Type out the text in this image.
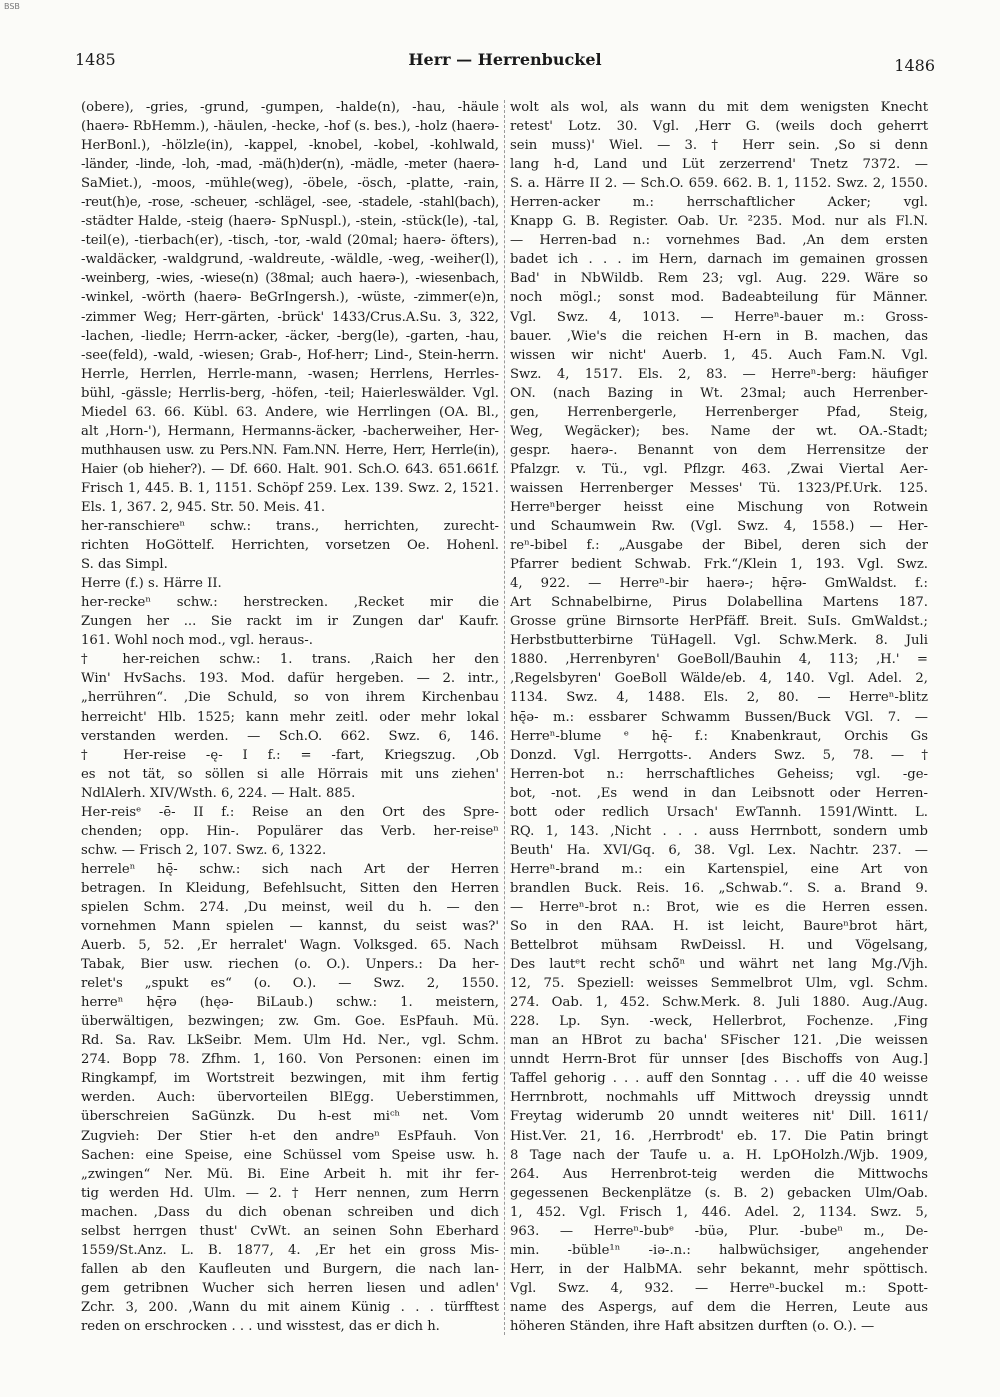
BSB
1485	Herr — Herrenbuckel	1486

(obere), -gries, -grund, -gumpen, -halde(n), -hau, -häule

(haerə- RbHemm.), -häulen, -hecke, -hof (s. bes.), -holz (haerə-

HerBonl.), -hölzle(in), -kappel, -knobel, -kobel, -kohlwald,

-länder, -linde, -loh, -mad, -mä(h)der(n), -mädle, -meter (haerə-

SaMiet.), -moos, -mühle(weg), -öbele, -ösch, -platte, -rain,

-reut(h)e, -rose, -scheuer, -schlägel, -see, -stadele, -stahl(bach),

-städter Halde, -steig (haerə- SpNuspl.), -stein, -stück(le), -tal,

-teil(e), -tierbach(er), -tisch, -tor, -wald (20mal; haerə- öfters),

-waldäcker, -waldgrund, -waldreute, -wäldle, -weg, -weiher(l),

-weinberg, -wies, -wiese(n) (38mal; auch haerə-), -wiesenbach,

-winkel, -wörth (haerə- BeGrIngersh.), -wüste, -zimmer(e)n,

-zimmer Weg; Herr-gärten, -brück' 1433/Crus.A.Su. 3, 322,

-lachen, -liedle; Herrn-acker, -äcker, -berg(le), -garten, -hau,

-see(feld), -wald, -wiesen; Grab-, Hof-herr; Lind-, Stein-herrn.

Herrle, Herrlen, Herrle-mann, -wasen; Herrlens, Herrles-

bühl, -gässle; Herrlis-berg, -höfen, -teil; Haierleswälder. Vgl.

Miedel 63. 66. Kübl. 63. Andere, wie Herrlingen (OA. Bl.,

alt ‚Horn-'), Hermann, Hermanns-äcker, -bacherweiher, Her-

muthhausen usw. zu Pers.NN. Fam.NN. Herre, Herr, Herrle(in),

Haier (ob hieher?). — Df. 660. Halt. 901. Sch.O. 643. 651.661f.

Frisch 1, 445. B. 1, 1151. Schöpf 259. Lex. 139. Swz. 2, 1521.

Els. 1, 367. 2, 945. Str. 50. Meis. 41.

her-ranschiereⁿ schw.: trans., herrichten, zurecht-

richten HoGöttelf. Herrichten, vorsetzen Oe. Hohenl.

S. das Simpl.

Herre (f.) s. Härre II.

her-reckeⁿ schw.: herstrecken. ‚Recket mir die

Zungen her ... Sie rackt im ir Zungen dar' Kaufr.

161. Wohl noch mod., vgl. heraus-.

† her-reichen schw.: 1. trans. ‚Raich her den

Win' HvSachs. 193. Mod. dafür hergeben. — 2. intr.,

„herrühren“. ‚Die Schuld, so von ihrem Kirchenbau

herreicht' Hlb. 1525; kann mehr zeitl. oder mehr lokal

verstanden werden. — Sch.O. 662. Swz. 6, 146.

† Her-reise -ę- I f.: = -fart, Kriegszug. ‚Ob

es not tät, so söllen si alle Hörrais mit uns ziehen'

NdlAlerh. XIV/Wsth. 6, 224. — Halt. 885.

Her-reisᵉ -ē- II f.: Reise an den Ort des Spre-

chenden; opp. Hin-. Populärer das Verb. her-reiseⁿ

schw. — Frisch 2, 107. Swz. 6, 1322.

herreleⁿ hę̄- schw.: sich nach Art der Herren

betragen. In Kleidung, Befehlsucht, Sitten den Herren

spielen Schm. 274. ‚Du meinst, weil du h. — den

vornehmen Mann spielen — kannst, du seist was?'

Auerb. 5, 52. ‚Er herralet' Wagn. Volksged. 65. Nach

Tabak, Bier usw. riechen (o. O.). Unpers.: Da her-

relet's „spukt es“ (o. O.). — Swz. 2, 1550.

herreⁿ hę̄rə (hęə- BiLaub.) schw.: 1. meistern,

überwältigen, bezwingen; zw. Gm. Goe. EsPfauh. Mü.

Rd. Sa. Rav. LkSeibr. Mem. Ulm Hd. Ner., vgl. Schm.

274. Bopp 78. Zfhm. 1, 160. Von Personen: einen im

Ringkampf, im Wortstreit bezwingen, mit ihm fertig

werden. Auch: übervorteilen BlEgg. Ueberstimmen,

überschreien SaGünzk. Du h-est miᶜʰ net. Vom

Zugvieh: Der Stier h-et den andreⁿ EsPfauh. Von

Sachen: eine Speise, eine Schüssel vom Speise usw. h.

„zwingen“ Ner. Mü. Bi. Eine Arbeit h. mit ihr fer-

tig werden Hd. Ulm. — 2. † Herr nennen, zum Herrn

machen. ‚Dass du dich obenan schreiben und dich

selbst herrgen thust' CvWt. an seinen Sohn Eberhard

1559/St.Anz. L. B. 1877, 4. ‚Er het ein gross Mis-

fallen ab den Kaufleuten und Burgern, die nach lan-

gem getribnen Wucher sich herren liesen und adlen'

Zchr. 3, 200. ‚Wann du mit ainem Künig . . . türfftest

reden on erschrocken . . . und wisstest, das er dich h.

wolt als wol, als wann du mit dem wenigsten Knecht

retest' Lotz. 30. Vgl. ‚Herr G. (weils doch geherrt

sein muss)' Wiel. — 3. † Herr sein. ‚So si denn

lang h-d, Land und Lüt zerzerrend' Tnetz 7372. —

S. a. Härre II 2. — Sch.O. 659. 662. B. 1, 1152. Swz. 2, 1550.

Herren-acker m.: herrschaftlicher Acker; vgl.

Knapp G. B. Register. Oab. Ur. ²235. Mod. nur als Fl.N.

— Herren-bad n.: vornehmes Bad. ‚An dem ersten

badet ich . . . im Hern, darnach im gemainen grossen

Bad' in NbWildb. Rem 23; vgl. Aug. 229. Wäre so

noch mögl.; sonst mod. Badeabteilung für Männer.

Vgl. Swz. 4, 1013. — Herreⁿ-bauer m.: Gross-

bauer. ‚Wie's die reichen H-ern in B. machen, das

wissen wir nicht' Auerb. 1, 45. Auch Fam.N. Vgl.

Swz. 4, 1517. Els. 2, 83. — Herreⁿ-berg: häufiger

ON. (nach Bazing in Wt. 23mal; auch Herrenber-

gen, Herrenbergerle, Herrenberger Pfad, Steig,

Weg, Wegäcker); bes. Name der wt. OA.-Stadt;

gespr. haerə-. Benannt von dem Herrensitze der

Pfalzgr. v. Tü., vgl. Pflzgr. 463. ‚Zwai Viertal Aer-

waissen Herrenberger Messes' Tü. 1323/Pf.Urk. 125.

Herreⁿberger heisst eine Mischung von Rotwein

und Schaumwein Rw. (Vgl. Swz. 4, 1558.) — Her-

reⁿ-bibel f.: „Ausgabe der Bibel, deren sich der

Pfarrer bedient Schwab. Frk.“/Klein 1, 193. Vgl. Swz.

4, 922. — Herreⁿ-bir haerə-; hę̄rə- GmWaldst. f.:

Art Schnabelbirne, Pirus Dolabellina Martens 187.

Grosse grüne Birnsorte HerPfäff. Breit. SuIs. GmWaldst.;

Herbstbutterbirne TüHagell. Vgl. Schw.Merk. 8. Juli

1880. ‚Herrenbyren' GoeBoll/Bauhin 4, 113; ‚H.' =

‚Regelsbyren' GoeBoll Wälde/eb. 4, 140. Vgl. Adel. 2,

1134. Swz. 4, 1488. Els. 2, 80. — Herreⁿ-blitz

hę̄ə- m.: essbarer Schwamm Bussen/Buck VGl. 7. —

Herreⁿ-blume ᵉ hę̄- f.: Knabenkraut, Orchis Gs

Donzd. Vgl. Herrgotts-. Anders Swz. 5, 78. — †

Herren-bot n.: herrschaftliches Geheiss; vgl. -ge-

bot, -not. ‚Es wend in dan Leibsnott oder Herren-

bott oder redlich Ursach' EwTannh. 1591/Wintt. L.

RQ. 1, 143. ‚Nicht . . . auss Herrnbott, sondern umb

Beuth' Ha. XVI/Gq. 6, 38. Vgl. Lex. Nachtr. 237. —

Herreⁿ-brand m.: ein Kartenspiel, eine Art von

brandlen Buck. Reis. 16. „Schwab.“. S. a. Brand 9.

— Herreⁿ-brot n.: Brot, wie es die Herren essen.

So in den RAA. H. ist leicht, Baureⁿbrot härt,

Bettelbrot mühsam RwDeissl. H. und Vögelsang,

Des lautᵉt recht schö̃ⁿ und währt net lang Mg./Vjh.

12, 75. Speziell: weisses Semmelbrot Ulm, vgl. Schm.

274. Oab. 1, 452. Schw.Merk. 8. Juli 1880. Aug./Aug.

228. Lp. Syn. -weck, Hellerbrot, Fochenze. ‚Fing

man an HBrot zu bacha' SFischer 121. ‚Die weissen

unndt Herrn-Brot für unnser [des Bischoffs von Aug.]

Taffel gehorig . . . auff den Sonntag . . . uff die 40 weisse

Herrnbrott, nochmahls uff Mittwoch dreyssig unndt

Freytag widerumb 20 unndt weiteres nit' Dill. 1611/

Hist.Ver. 21, 16. ‚Herrbrodt' eb. 17. Die Patin bringt

8 Tage nach der Taufe u. a. H. LpOHolzh./Wjb. 1909,

264. Aus Herrenbrot-teig werden die Mittwochs

gegessenen Beckenplätze (s. B. 2) gebacken Ulm/Oab.

1, 452. Vgl. Frisch 1, 446. Adel. 2, 1134. Swz. 5,

963. — Herreⁿ-bubᵉ -büə, Plur. -bubeⁿ m., De-

min. -büble¹ⁿ -iə-.n.: halbwüchsiger, angehender

Herr, in der HalbMA. sehr bekannt, mehr spöttisch.

Vgl. Swz. 4, 932. — Herreⁿ-buckel m.: Spott-

name des Aspergs, auf dem die Herren, Leute aus

höheren Ständen, ihre Haft absitzen durften (o. O.). —
